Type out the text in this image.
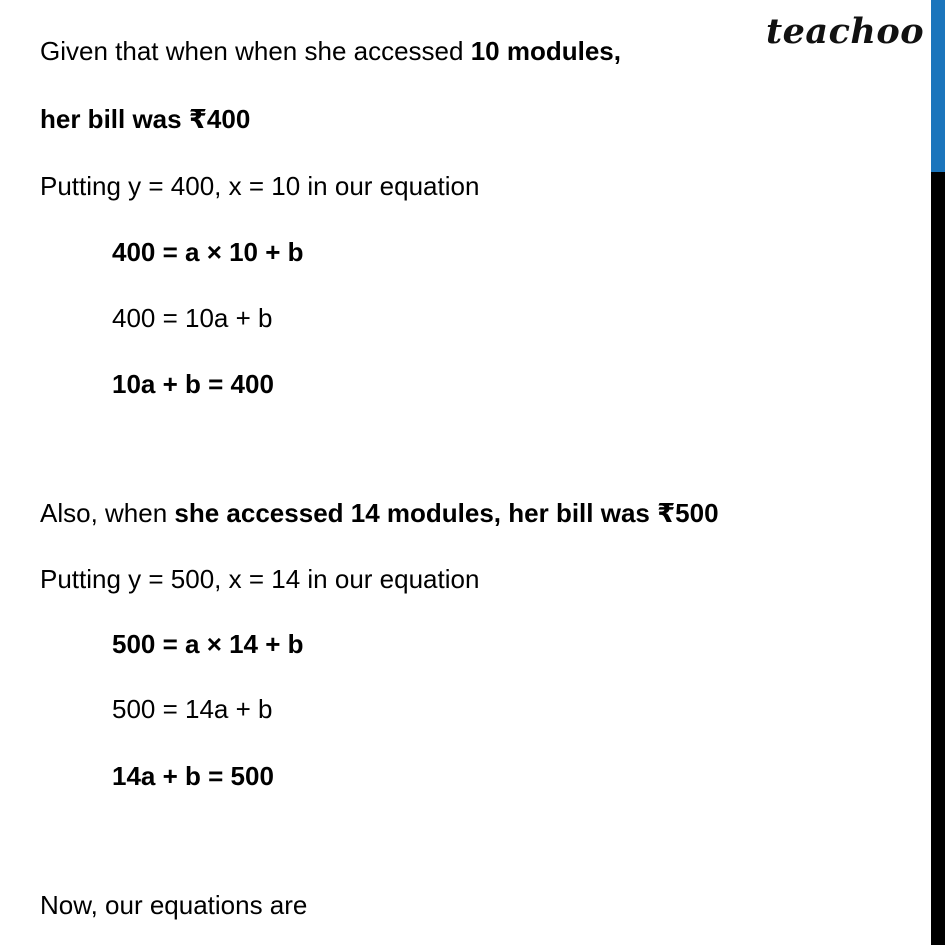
teachoo
Given that when when she accessed 10 modules,
her bill was ₹400
Putting y = 400, x = 10 in our equation
400 = a × 10 + b
400 = 10a + b
10a + b = 400
Also, when she accessed 14 modules, her bill was ₹500
Putting y = 500, x = 14 in our equation
500 = a × 14 + b
500 = 14a + b
14a + b = 500
Now, our equations are
